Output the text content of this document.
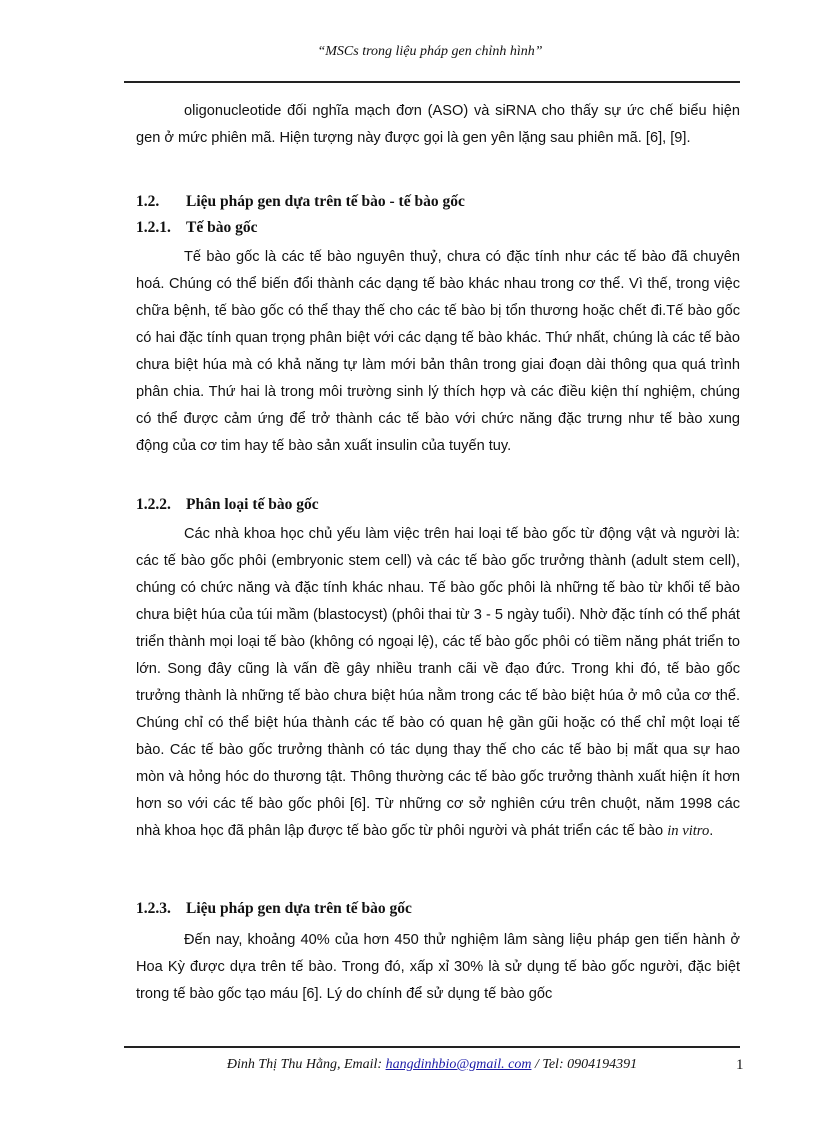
“MSCs trong liệu pháp gen chỉnh hình”
oligonucleotide đối nghĩa mạch đơn (ASO) và siRNA cho thấy sự ức chế biểu hiện gen ở mức phiên mã. Hiện tượng này được gọi là gen yên lặng sau phiên mã. [6], [9].
1.2. Liệu pháp gen dựa trên tế bào - tế bào gốc
1.2.1. Tế bào gốc
Tế bào gốc là các tế bào nguyên thuỷ, chưa có đặc tính như các tế bào đã chuyên hoá. Chúng có thể biến đổi thành các dạng tế bào khác nhau trong cơ thể. Vì thế, trong việc chữa bệnh, tế bào gốc có thể thay thế cho các tế bào bị tổn thương hoặc chết đi.Tế bào gốc có hai đặc tính quan trọng phân biệt với các dạng tế bào khác. Thứ nhất, chúng là các tế bào chưa biệt húa mà có khả năng tự làm mới bản thân trong giai đoạn dài thông qua quá trình phân chia. Thứ hai là trong môi trường sinh lý thích hợp và các điều kiện thí nghiệm, chúng có thể được cảm ứng để trở thành các tế bào với chức năng đặc trưng như tế bào xung động của cơ tim hay tế bào sản xuất insulin của tuyến tuy.
1.2.2. Phân loại tế bào gốc
Các nhà khoa học chủ yếu làm việc trên hai loại tế bào gốc từ động vật và người là: các tế bào gốc phôi (embryonic stem cell) và các tế bào gốc trưởng thành (adult stem cell), chúng có chức năng và đặc tính khác nhau. Tế bào gốc phôi là những tế bào từ khối tế bào chưa biệt húa của túi mầm (blastocyst) (phôi thai từ 3 - 5 ngày tuổi). Nhờ đặc tính có thể phát triển thành mọi loại tế bào (không có ngoại lệ), các tế bào gốc phôi có tiềm năng phát triển to lớn. Song đây cũng là vấn đề gây nhiều tranh cãi về đạo đức. Trong khi đó, tế bào gốc trưởng thành là những tế bào chưa biệt húa nằm trong các tế bào biệt húa ở mô của cơ thể. Chúng chỉ có thể biệt húa thành các tế bào có quan hệ gần gũi hoặc có thể chỉ một loại tế bào. Các tế bào gốc trưởng thành có tác dụng thay thế cho các tế bào bị mất qua sự hao mòn và hỏng hóc do thương tật. Thông thường các tế bào gốc trưởng thành xuất hiện ít hơn hơn so với các tế bào gốc phôi [6]. Từ những cơ sở nghiên cứu trên chuột, năm 1998 các nhà khoa học đã phân lập được tế bào gốc từ phôi người và phát triển các tế bào in vitro.
1.2.3. Liệu pháp gen dựa trên tế bào gốc
Đến nay, khoảng 40% của hơn 450 thử nghiệm lâm sàng liệu pháp gen tiến hành ở Hoa Kỳ được dựa trên tế bào. Trong đó, xấp xỉ 30% là sử dụng tế bào gốc người, đặc biệt trong tế bào gốc tạo máu [6]. Lý do chính để sử dụng tế bào gốc
Đinh Thị Thu Hằng, Email: hangdinhbio@gmail. com / Tel: 0904194391	1
